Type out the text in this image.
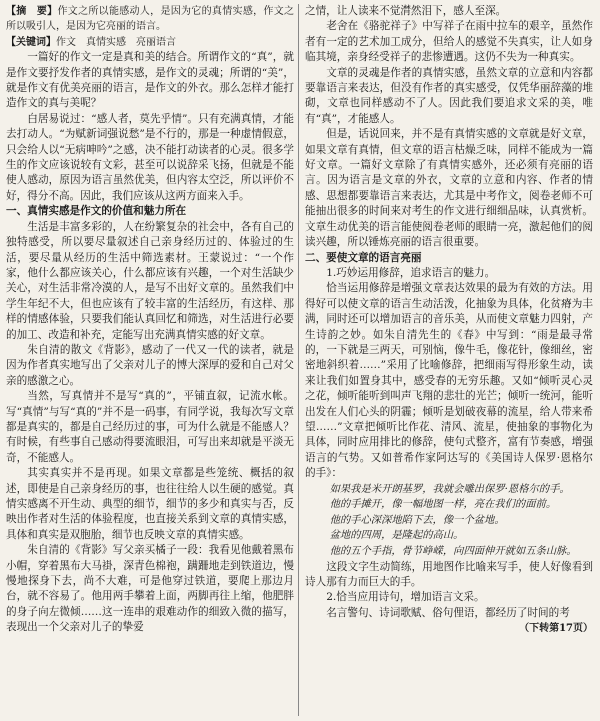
【摘　要】作文之所以能感动人，是因为它的真情实感，作文之所以吸引人，是因为它亮丽的语言。

【关键词】作文　真情实感　亮丽语言

一篇好的作文一定是真和美的结合。所谓作文的“真”，就是作文要抒发作者的真情实感，是作文的灵魂；所谓的“美”，就是作文有优美亮丽的语言，是作文的外衣。那么怎样才能打造作文的真与美呢？

白居易说过：“感人者，莫先乎情”。只有充满真情，才能去打动人。“为赋新词强说愁”是不行的，那是一种虚情假意，只会给人以“无病呻吟”之感，决不能打动读者的心灵。很多学生的作文应该说较有文彩，甚至可以说辞采飞扬，但就是不能使人感动，原因为语言虽然优美，但内容太空泛，所以评价不好，得分不高。因此，我们应该从这两方面来入手。

一、真情实感是作文的价值和魅力所在

生活是丰富多彩的，人在纷繁复杂的社会中，各有自己的独特感受，所以要尽量叙述自己亲身经历过的、体验过的生活，要尽量从经历的生活中筛选素材。王蒙说过：“一个作家，他什么都应该关心，什么都应该有兴趣，一个对生活缺少关心，对生活非常冷漠的人，是写不出好文章的。虽然我们中学生年纪不大，但也应该有了较丰富的生活经历，有这样、那样的情感体验，只要我们能认真回忆和筛选，对生活进行必要的加工、改造和补充，定能写出充满真情实感的好文章。

朱自清的散文《背影》，感动了一代又一代的读者，就是因为作者真实地写出了父亲对儿子的博大深厚的爱和自己对父亲的感激之心。

当然，写真情并不是写“真的”，平铺直叙，记流水帐。写“真情”与写“真的”并不是一码事，有同学说，我每次写文章都是真实的，都是自己经历过的事，可为什么就是不能感人？有时候，有些事自己感动得要流眼泪，可写出来却就是平淡无奇，不能感人。

其实真实并不是再现。如果文章都是些笼统、概括的叙述，即使是自己亲身经历的事，也往往给人以生硬的感觉。真情实感离不开生动、典型的细节，细节的多少和真实与否，反映出作者对生活的体验程度，也直接关系到文章的真情实感，具体和真实是双胞胎，细节也反映文章的真情实感。

朱自清的《背影》写父亲买橘子一段：我看见他戴着黑布小帽，穿着黑布大马褂，深青色棉袍，蹒跚地走到铁道边，慢慢地探身下去，尚不大难，可是他穿过铁道，要爬上那边月台，就不容易了。他用两手攀着上面，两脚再往上缩，他肥胖的身子向左微倾……这一连串的艰难动作的细致入微的描写，表现出一个父亲对儿子的挚爱

之情，让人读来不觉潸然泪下，感人至深。

老舍在《骆驼祥子》中写祥子在雨中拉车的艰辛，虽然作者有一定的艺术加工成分，但给人的感觉不失真实，让人如身临其境，亲身经受祥子的悲惨遭遇。这仍不失为一种真实。

文章的灵魂是作者的真情实感，虽然文章的立意和内容都要靠语言来表达，但没有作者的真实感受，仅凭华丽辞藻的堆砌，文章也同样感动不了人。因此我们要追求文采的美，唯有“真”，才能感人。

但是，话说回来，并不是有真情实感的文章就是好文章，如果文章有真情，但文章的语言枯燥乏味，同样不能成为一篇好文章。一篇好文章除了有真情实感外，还必须有亮丽的语言。因为语言是文章的外衣，文章的立意和内容、作者的情感、思想都要靠语言来表达，尤其是中考作文，阅卷老师不可能抽出很多的时间来对考生的作文进行细细品味，认真赏析。文章生动优美的语言能使阅卷老师的眼睛一亮，激起他们的阅读兴趣，所以锤炼亮丽的语言很重要。

二、要使文章的语言亮丽

1.巧妙运用修辞，追求语言的魅力。

恰当运用修辞是增强文章表达效果的最为有效的方法。用得好可以使文章的语言生动活泼，化抽象为具体，化贫瘠为丰满，同时还可以增加语言的音乐美，从而使文章魅力四射，产生诗韵之妙。如朱自清先生的《春》中写到：“雨是最寻常的，一下就是三两天，可别恼，像牛毛，像花针，像细丝，密密地斜织着……”采用了比喻修辞，把细雨写得形象生动，读来让我们如置身其中，感受春的无穷乐趣。又如“倾听灵心灵之花，倾听能听到叫声飞翔的悲壮的光芒；倾听一统河，能听出发在人们心头的阴霾；倾听是划破夜幕的流星，给人带来希望……”文章把倾听比作花、清风、流星，使抽象的事物化为具体，同时应用排比的修辞，使句式整齐，富有节奏感，增强语言的气势。又如普希作家阿达写的《美国诗人保罗·恩格尔的手》：

如果我是米开朗基罗，我就会雕出保罗·恩格尔的手。
他的手摊开，像一幅地图一样，亮在我们的面前。
他的手心深深地陷下去，像一个盆地。
盆地的四周，是隆起的高山。
他的五个手指，骨节峥嵘，向四面伸开就如五条山脉。

这段文字生动简练，用地图作比喻来写手，使人好像看到诗人那有力而巨大的手。

2.恰当应用诗句，增加语言文采。

名言警句、诗词歌赋、俗句俚语，都经历了时间的考

（下转第17页）
